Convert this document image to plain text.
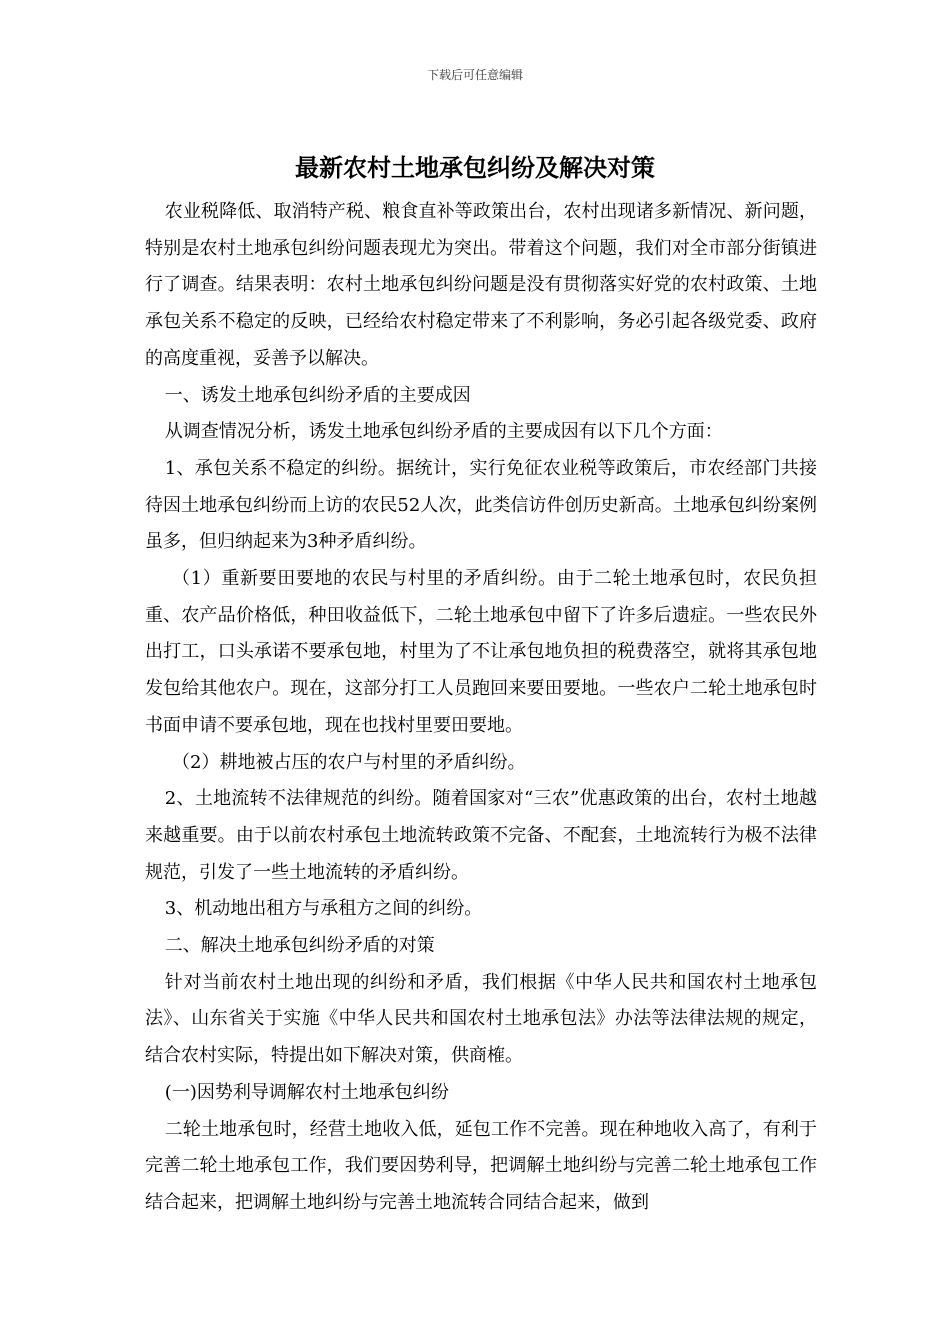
下载后可任意编辑
最新农村土地承包纠纷及解决对策

农业税降低、取消特产税、粮食直补等政策出台，农村出现诸多新情况、新问题，特别是农村土地承包纠纷问题表现尤为突出。带着这个问题，我们对全市部分街镇进行了调查。结果表明：农村土地承包纠纷问题是没有贯彻落实好党的农村政策、土地承包关系不稳定的反映，已经给农村稳定带来了不利影响，务必引起各级党委、政府的高度重视，妥善予以解决。

一、诱发土地承包纠纷矛盾的主要成因

从调查情况分析，诱发土地承包纠纷矛盾的主要成因有以下几个方面：

1、承包关系不稳定的纠纷。据统计，实行免征农业税等政策后，市农经部门共接待因土地承包纠纷而上访的农民52人次，此类信访件创历史新高。土地承包纠纷案例虽多，但归纳起来为3种矛盾纠纷。

（1）重新要田要地的农民与村里的矛盾纠纷。由于二轮土地承包时，农民负担重、农产品价格低，种田收益低下，二轮土地承包中留下了许多后遗症。一些农民外出打工，口头承诺不要承包地，村里为了不让承包地负担的税费落空，就将其承包地发包给其他农户。现在，这部分打工人员跑回来要田要地。一些农户二轮土地承包时书面申请不要承包地，现在也找村里要田要地。

（2）耕地被占压的农户与村里的矛盾纠纷。

2、土地流转不法律规范的纠纷。随着国家对“三农”优惠政策的出台，农村土地越来越重要。由于以前农村承包土地流转政策不完备、不配套，土地流转行为极不法律规范，引发了一些土地流转的矛盾纠纷。

3、机动地出租方与承租方之间的纠纷。

二、解决土地承包纠纷矛盾的对策

针对当前农村土地出现的纠纷和矛盾，我们根据《中华人民共和国农村土地承包法》、山东省关于实施《中华人民共和国农村土地承包法》办法等法律法规的规定，结合农村实际，特提出如下解决对策，供商榷。

(一)因势利导调解农村土地承包纠纷

二轮土地承包时，经营土地收入低，延包工作不完善。现在种地收入高了，有利于完善二轮土地承包工作，我们要因势利导，把调解土地纠纷与完善二轮土地承包工作结合起来，把调解土地纠纷与完善土地流转合同结合起来，做到
